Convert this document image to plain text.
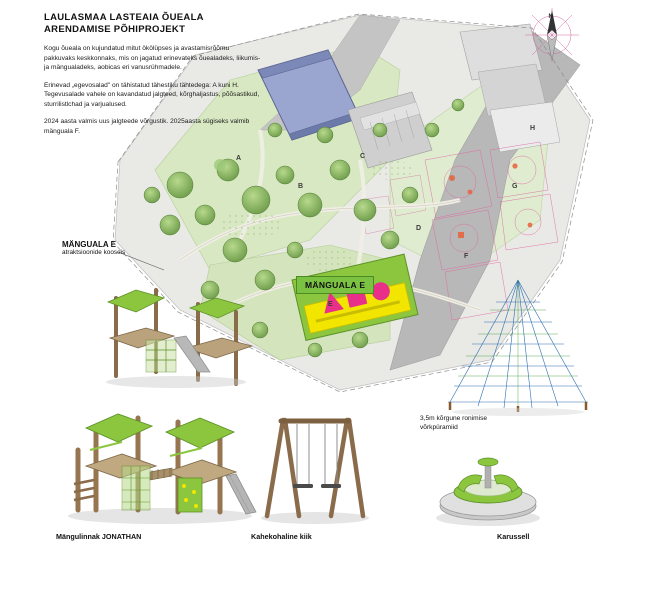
A
B
C
D
E
F
G
H
N
LAULASMAA LASTEAIA ÕUEALA
ARENDAMISE PÕHIPROJEKT

Kogu õueala on kujundatud mitut ökölüpses ja avastamisrõõmu pakkuvaks keskkonnaks, mis on jagatud erinevateks õuealadeks, liikumis- ja mängualadeks, aobicas eri vanusrühmadele.

Erinevad „egevosalad" on tähistatud tähestiku tähtedega: A kuni H. Tegevusalade vahele on kavandatud jalgteed, kõrghaljastus, põõsastikud, sturrilistlchad ja varjualused.

2024 aasta valmis uus jalgteede võrgustik. 2025aasta sügiseks valmib mänguala F.

MÄNGUALA E
atraktsioonide kooseis
MÄNGUALA E
3,5m kõrgune ronimise võrkpüramiid
Mängulinnak JONATHAN	Kahekohaline kiik	Karussell
